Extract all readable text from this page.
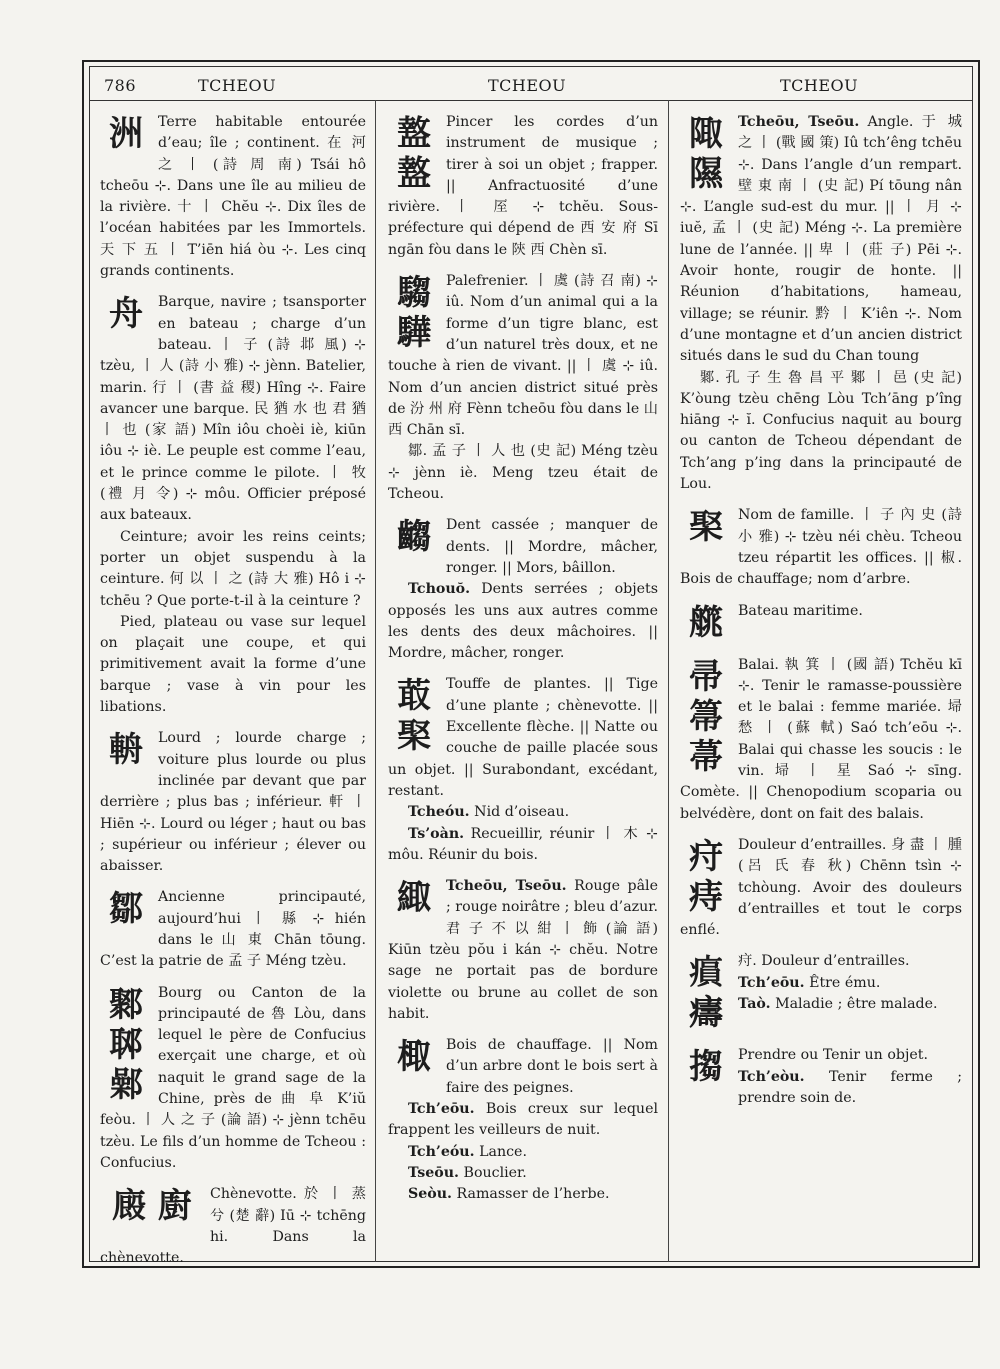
786	TCHEOU	TCHEOU	TCHEOU
洲	Terre habitable entourée d’eau; île ; continent. 在 河 之 丨 (詩 周 南) Tsái hô tcheōu ⊹. Dans une île au milieu de la rivière. 十 丨 Chĕu ⊹. Dix îles de l’océan habitées par les Immortels. 天 下 五 丨 T’iēn hiá òu ⊹. Les cinq grands continents.

舟	Barque, navire ; tsansporter en bateau ; charge d’un bateau. 丨 子 (詩 邶 風) ⊹ tzèu, 丨 人 (詩 小 雅) ⊹ jènn. Batelier, marin. 行 丨 (書 益 稷) Hîng ⊹. Faire avancer une barque. 民 猶 水 也 君 猶 丨 也 (家 語) Mîn iôu choèi iè, kiūn iôu ⊹ iè. Le peuple est comme l’eau, et le prince comme le pilote. 丨 牧 (禮 月 令) ⊹ môu. Officier préposé aux bateaux.

Ceinture; avoir les reins ceints; porter un objet suspendu à la ceinture. 何 以 丨 之 (詩 大 雅) Hô i ⊹ tchēu ? Que porte-t-il à la ceinture ?

Pied, plateau ou vase sur lequel on plaçait une coupe, et qui primitivement avait la forme d’une barque ; vase à vin pour les libations.

輈	Lourd ; lourde charge ; voiture plus lourde ou plus inclinée par devant que par derrière ; plus bas ; inférieur. 軒 丨 Hiēn ⊹. Lourd ou léger ; haut ou bas ; supérieur ou inférieur ; élever ou abaisser.

鄒	Ancienne principauté, aujourd’hui 丨 縣 ⊹ hién dans le 山 東 Chān tōung. C’est la patrie de 孟 子 Méng tzèu.

鄹
郰
鄵

Bourg ou Canton de la principauté de 魯 Lòu, dans lequel le père de Confucius exerçait une charge, et où naquit le grand sage de la Chine, près de 曲 阜 K’iŭ feòu. 丨 人 之 子 (論 語) ⊹ jènn tchēu tzèu. Le fils d’un homme de Tcheou : Confucius.

廄 廚	Chènevotte. 於 丨 蒸 兮 (楚 辭) Iū ⊹ tchēng hi. Dans la chènevotte.

盩
盩

Pincer les cordes d’un instrument de musique ; tirer à soi un objet ; frapper. || Anfractuosité d’une rivière. 丨 厔 ⊹ tchĕu. Sous-préfecture qui dépend de 西 安 府 Sī ngān fòu dans le 陝 西 Chèn sī.

騶
驊

Palefrenier. 丨 虞 (詩 召 南) ⊹ iû. Nom d’un animal qui a la forme d’un tigre blanc, est d’un naturel très doux, et ne touche à rien de vivant. || 丨 虞 ⊹ iû. Nom d’un ancien district situé près de 汾 州 府 Fènn tcheōu fòu dans le 山 西 Chān sī.

鄒. 孟 子 丨 人 也 (史 記) Méng tzèu ⊹ jènn iè. Meng tzeu était de Tcheou.

齺	Dent cassée ; manquer de dents. || Mordre, mâcher, ronger. || Mors, bâillon.

Tchouŏ. Dents serrées ; objets opposés les uns aux autres comme les dents des deux mâchoires. || Mordre, mâcher, ronger.

菆
棸

Touffe de plantes. || Tige d’une plante ; chènevotte. || Excellente flèche. || Natte ou couche de paille placée sous un objet. || Surabondant, excédant, restant.

Tcheóu. Nid d’oiseau.

Ts’oàn. Recueillir, réunir 丨 木 ⊹ môu. Réunir du bois.

緅	Tcheōu, Tseōu. Rouge pâle ; rouge noirâtre ; bleu d’azur. 君 子 不 以 紺 丨 飾 (論 語) Kiūn tzèu pŏu i kán ⊹ chĕu. Notre sage ne portait pas de bordure violette ou brune au collet de son habit.

棷	Bois de chauffage. || Nom d’un arbre dont le bois sert à faire des peignes.

Tch’eōu. Bois creux sur lequel frappent les veilleurs de nuit.

Tch’eóu. Lance.

Tseōu. Bouclier.

Seòu. Ramasser de l’herbe.

陬
隰

Tcheōu, Tseōu. Angle. 于 城 之 丨 (戰 國 策) Iû tch’êng tchēu ⊹. Dans l’angle d’un rempart. 壁 東 南 丨 (史 記) Pí tōung nân ⊹. L’angle sud-est du mur. || 丨 月 ⊹ iuĕ, 孟 丨 (史 記) Méng ⊹. La première lune de l’année. || 卑 丨 (莊 子) Pēi ⊹. Avoir honte, rougir de honte. || Réunion d’habitations, hameau, village; se réunir. 黔 丨 K’iên ⊹. Nom d’une montagne et d’un ancien district situés dans le sud du Chan toung

鄹. 孔 子 生 魯 昌 平 鄹 丨 邑 (史 記) K’òung tzèu chēng Lòu Tch’āng p’îng hiāng ⊹ ĭ. Confucius naquit au bourg ou canton de Tcheou dépendant de Tch’ang p’ing dans la principauté de Lou.

棸	Nom de famille. 丨 子 內 史 (詩 小 雅) ⊹ tzèu néi chèu. Tcheou tzeu répartit les offices. || 椒. Bois de chauffage; nom d’arbre.

艞	Bateau maritime.

帚
箒
菷

Balai. 執 箕 丨 (國 語) Tchĕu kī ⊹. Tenir le ramasse-poussière et le balai : femme mariée. 埽 愁 丨 (蘇 軾) Saó tch’eōu ⊹. Balai qui chasse les soucis : le vin. 埽 丨 星 Saó ⊹ sīng. Comète. || Chenopodium scoparia ou belvédère, dont on fait des balais.

疛
痔

Douleur d’entrailles. 身 盡 丨 腫 (呂 氏 春 秋) Chēnn tsìn ⊹ tchòung. Avoir des douleurs d’entrailles et tout le corps enflé.

𤸫
㿒

疛. Douleur d’entrailles.

Tch’eōu. Être ému.

Taò. Maladie ; être malade.

搊	Prendre ou Tenir un objet.

Tch’eòu. Tenir ferme ; prendre soin de.
